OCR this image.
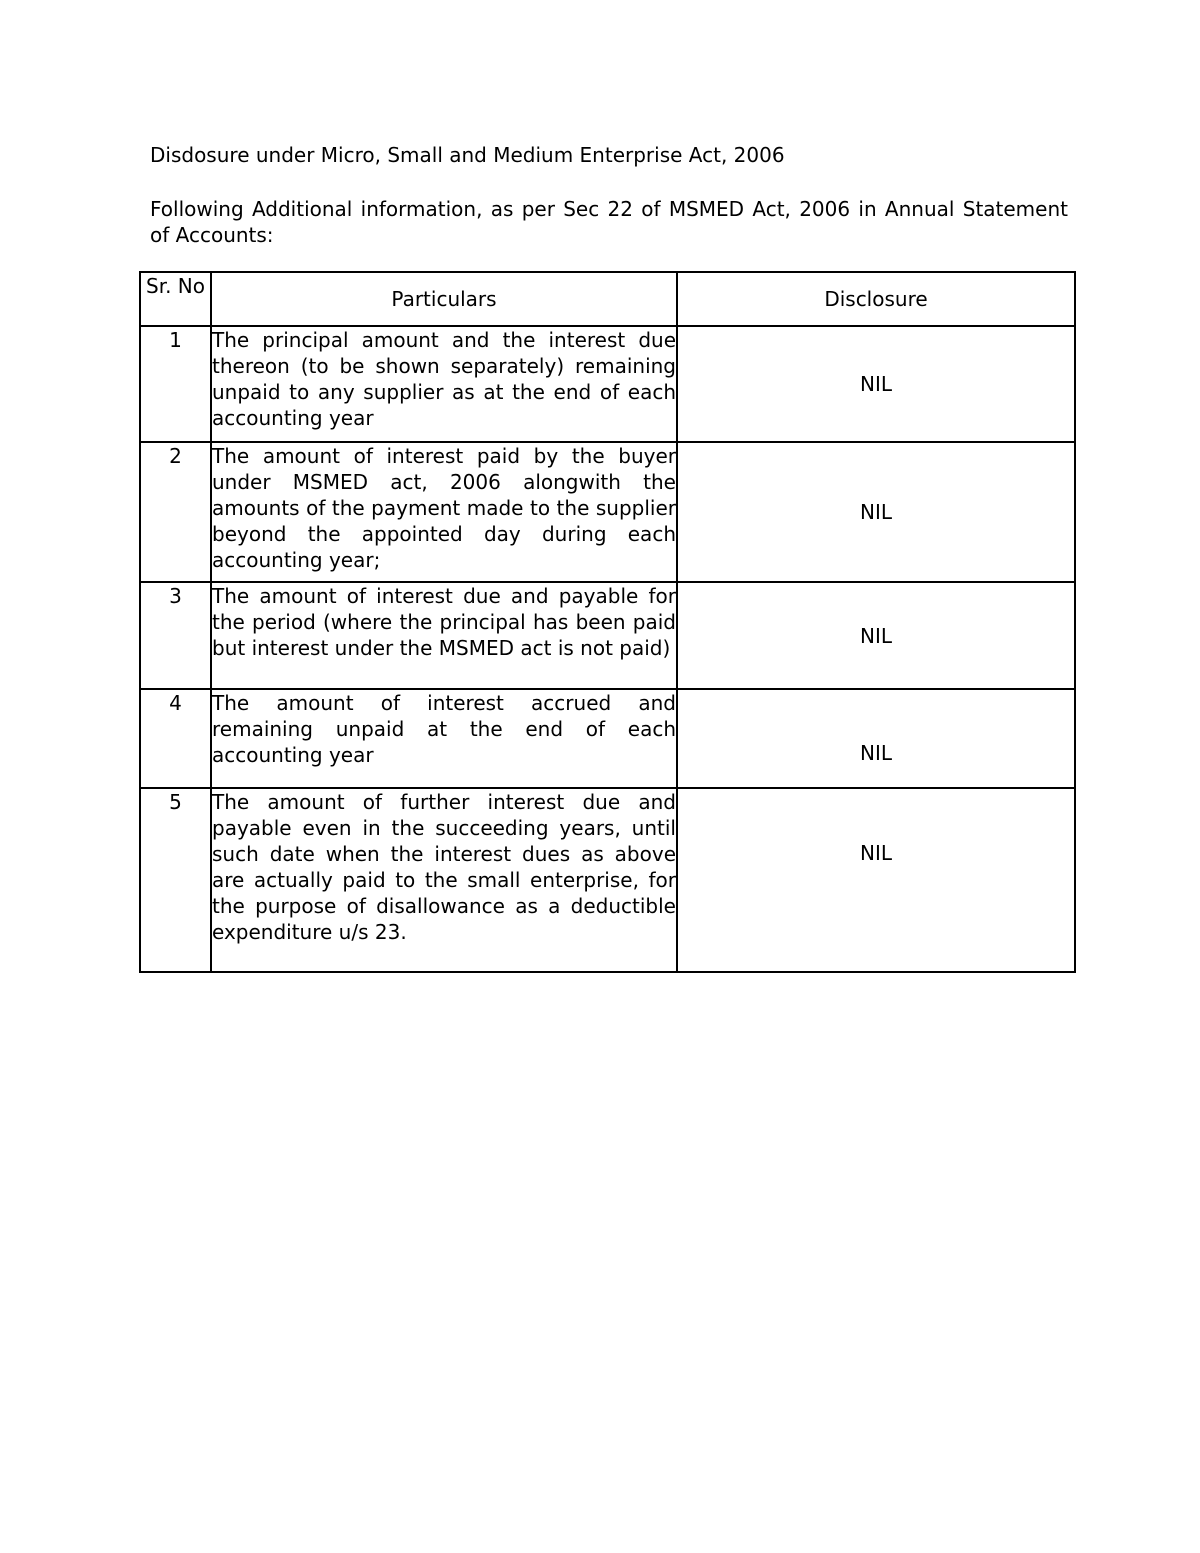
Disdosure under Micro, Small and Medium Enterprise Act, 2006

Following Additional information, as per Sec 22 of MSMED Act, 2006 in Annual Statement of Accounts:

Sr. No	Particulars	Disclosure
1	The principal amount and the interest due thereon (to be shown separately) remaining unpaid to any supplier as at the end of each accounting year	NIL
2	The amount of interest paid by the buyer under MSMED act, 2006 alongwith the amounts of the payment made to the supplier beyond the appointed day during each accounting year;	NIL
3	The amount of interest due and payable for the period (where the principal has been paid but interest under the MSMED act is not paid)	NIL
4	The amount of interest accrued and remaining unpaid at the end of each accounting year	NIL
5	The amount of further interest due and payable even in the succeeding years, until such date when the interest dues as above are actually paid to the small enterprise, for the purpose of disallowance as a deductible expenditure u/s 23.	NIL
